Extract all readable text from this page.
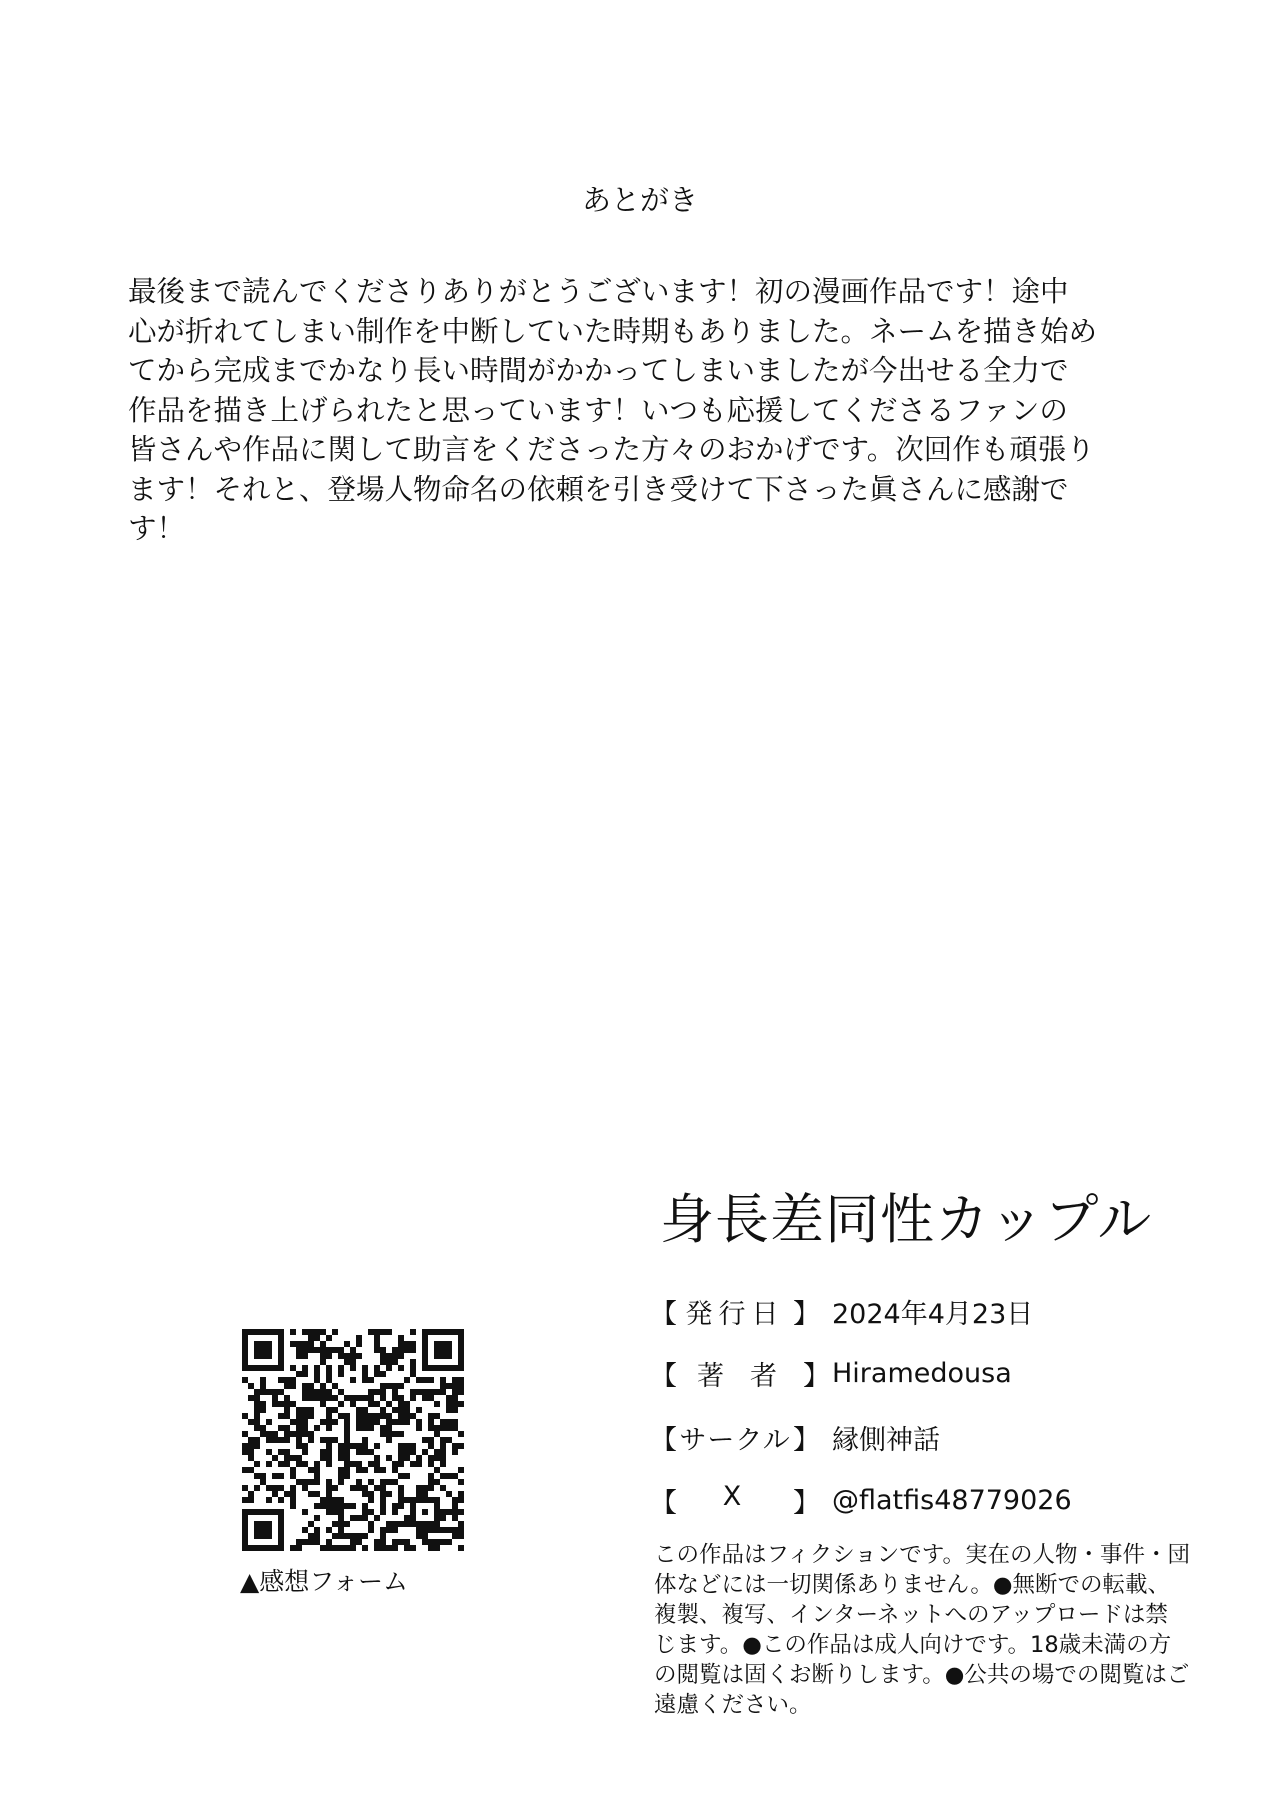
あとがき
最後まで読んでくださりありがとうございます！初の漫画作品です！途中
心が折れてしまい制作を中断していた時期もありました。ネームを描き始め
てから完成までかなり長い時間がかかってしまいましたが今出せる全力で
作品を描き上げられたと思っています！いつも応援してくださるファンの
皆さんや作品に関して助言をくださった方々のおかげです。次回作も頑張り
ます！それと、登場人物命名の依頼を引き受けて下さった眞さんに感謝で
す！
身長差同性カップル
【 発行日 】 2024年4月23日
【 著者 】 Hiramedousa
【 サークル 】 縁側神話
【	X	】 @flatfis48779026
この作品はフィクションです。実在の人物・事件・団体などには一切関係ありません。●無断での転載、複製、複写、インターネットへのアップロードは禁じます。●この作品は成人向けです。18歳未満の方の閲覧は固くお断りします。●公共の場での閲覧はご遠慮ください。
▲感想フォーム
